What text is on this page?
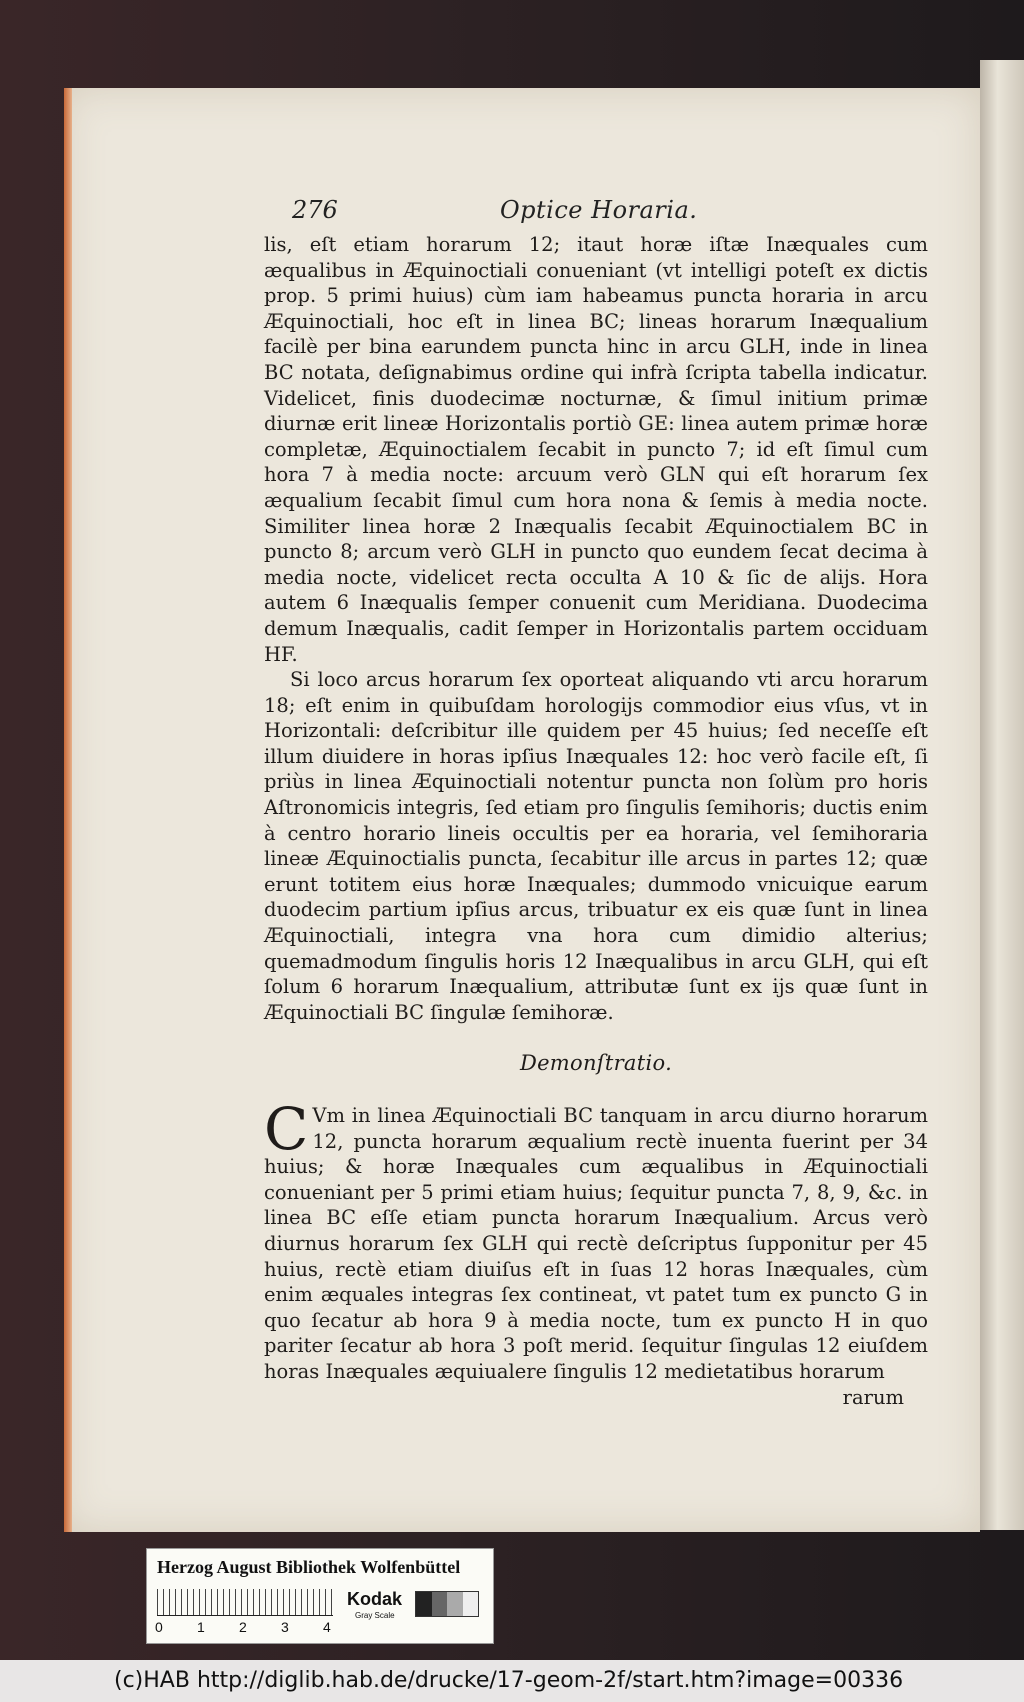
276	Optice Horaria.

lis, eſt etiam horarum 12; itaut horæ iſtæ Inæquales cum æqualibus in Æquinoctiali conueniant (vt intelligi poteſt ex dictis prop. 5 primi huius) cùm iam habeamus puncta horaria in arcu Æquinoctiali, hoc eſt in linea BC; lineas horarum Inæqualium facilè per bina earundem puncta hinc in arcu GLH, inde in linea BC notata, deſignabimus ordine qui infrà ſcripta tabella indicatur. Videlicet, finis duodecimæ nocturnæ, & ſimul initium primæ diurnæ erit lineæ Horizontalis portiò GE: linea autem primæ horæ completæ, Æquinoctialem ſecabit in puncto 7; id eſt ſimul cum hora 7 à media nocte: arcuum verò GLN qui eſt horarum ſex æqualium ſecabit ſimul cum hora nona & ſemis à media nocte. Similiter linea horæ 2 Inæqualis ſecabit Æquinoctialem BC in puncto 8; arcum verò GLH in puncto quo eundem ſecat decima à media nocte, videlicet recta occulta A 10 & ſic de alijs. Hora autem 6 Inæqualis ſemper conuenit cum Meridiana. Duodecima demum Inæqualis, cadit ſemper in Horizontalis partem occiduam HF.

Si loco arcus horarum ſex oporteat aliquando vti arcu horarum 18; eſt enim in quibuſdam horologijs commodior eius vſus, vt in Horizontali: deſcribitur ille quidem per 45 huius; ſed neceſſe eſt illum diuidere in horas ipſius Inæquales 12: hoc verò facile eſt, ſi priùs in linea Æquinoctiali notentur puncta non ſolùm pro horis Aſtronomicis integris, ſed etiam pro ſingulis ſemihoris; ductis enim à centro horario lineis occultis per ea horaria, vel ſemihoraria lineæ Æquinoctialis puncta, ſecabitur ille arcus in partes 12; quæ erunt totitem eius horæ Inæquales; dummodo vnicuique earum duodecim partium ipſius arcus, tribuatur ex eis quæ ſunt in linea Æquinoctiali, integra vna hora cum dimidio alterius; quemadmodum ſingulis horis 12 Inæqualibus in arcu GLH, qui eſt ſolum 6 horarum Inæqualium, attributæ ſunt ex ijs quæ ſunt in Æquinoctiali BC ſingulæ ſemihoræ.

Demonſtratio.

C Vm in linea Æquinoctiali BC tanquam in arcu diurno horarum 12, puncta horarum æqualium rectè inuenta fuerint per 34 huius; & horæ Inæquales cum æqualibus in Æquinoctiali conueniant per 5 primi etiam huius; ſequitur puncta 7, 8, 9, &c. in linea BC eſſe etiam puncta horarum Inæqualium. Arcus verò diurnus horarum ſex GLH qui rectè deſcriptus ſupponitur per 45 huius, rectè etiam diuiſus eſt in ſuas 12 horas Inæquales, cùm enim æquales integras ſex contineat, vt patet tum ex puncto G in quo ſecatur ab hora 9 à media nocte, tum ex puncto H in quo pariter ſecatur ab hora 3 poſt merid. ſequitur ſingulas 12 eiuſdem horas Inæquales æquiualere ſingulis 12 medietatibus horarum

rarum

Herzog August Bibliothek Wolfenbüttel
0 1 2 3 4
Kodak
Gray Scale
(c)HAB http://diglib.hab.de/drucke/17-geom-2f/start.htm?image=00336
